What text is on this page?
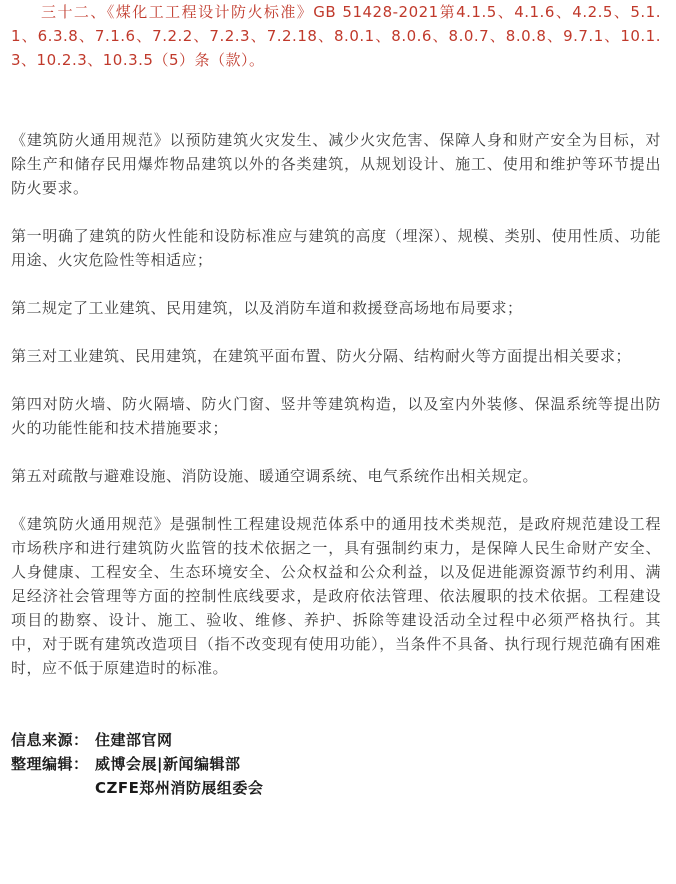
三十二、《煤化工工程设计防火标准》GB 51428-2021第4.1.5、4.1.6、4.2.5、5.1.1、6.3.8、7.1.6、7.2.2、7.2.3、7.2.18、8.0.1、8.0.6、8.0.7、8.0.8、9.7.1、10.1.3、10.2.3、10.3.5（5）条（款）。

《建筑防火通用规范》以预防建筑火灾发生、减少火灾危害、保障人身和财产安全为目标，对除生产和储存民用爆炸物品建筑以外的各类建筑，从规划设计、施工、使用和维护等环节提出防火要求。

第一明确了建筑的防火性能和设防标准应与建筑的高度（埋深）、规模、类别、使用性质、功能用途、火灾危险性等相适应；

第二规定了工业建筑、民用建筑，以及消防车道和救援登高场地布局要求；

第三对工业建筑、民用建筑，在建筑平面布置、防火分隔、结构耐火等方面提出相关要求；

第四对防火墙、防火隔墙、防火门窗、竖井等建筑构造，以及室内外装修、保温系统等提出防火的功能性能和技术措施要求；

第五对疏散与避难设施、消防设施、暖通空调系统、电气系统作出相关规定。

《建筑防火通用规范》是强制性工程建设规范体系中的通用技术类规范，是政府规范建设工程市场秩序和进行建筑防火监管的技术依据之一，具有强制约束力，是保障人民生命财产安全、人身健康、工程安全、生态环境安全、公众权益和公众利益，以及促进能源资源节约利用、满足经济社会管理等方面的控制性底线要求，是政府依法管理、依法履职的技术依据。工程建设项目的勘察、设计、施工、验收、维修、养护、拆除等建设活动全过程中必须严格执行。其中，对于既有建筑改造项目（指不改变现有使用功能），当条件不具备、执行现行规范确有困难时，应不低于原建造时的标准。

信息来源： 住建部官网
整理编辑： 威博会展|新闻编辑部
CZFE郑州消防展组委会
